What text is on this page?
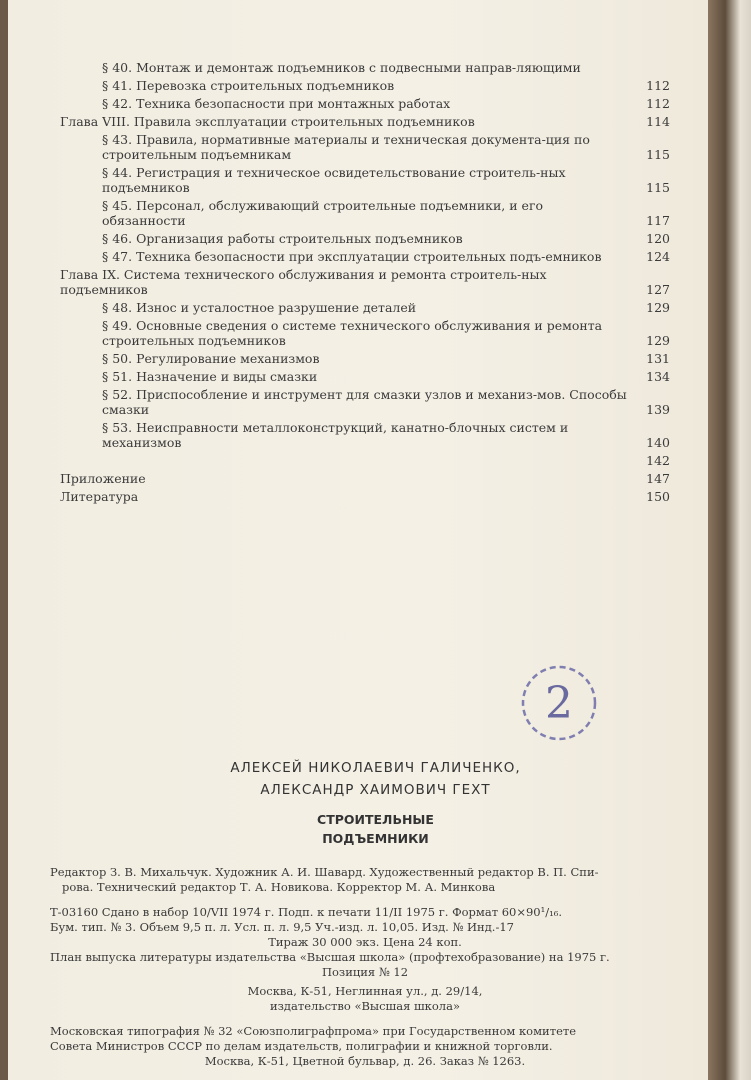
§ 40. Монтаж и демонтаж подъемников с подвесными направ-ляющими
§ 41. Перевозка строительных подъемников	112
§ 42. Техника безопасности при монтажных работах	112
Глава VIII. Правила эксплуатации строительных подъемников	114
§ 43. Правила, нормативные материалы и техническая документа-ция по строительным подъемникам	115
§ 44. Регистрация и техническое освидетельствование строитель-ных подъемников	115
§ 45. Персонал, обслуживающий строительные подъемники, и его обязанности	117
§ 46. Организация работы строительных подъемников	120
§ 47. Техника безопасности при эксплуатации строительных подъ-емников	124
Глава IX. Система технического обслуживания и ремонта строитель-ных подъемников	127
§ 48. Износ и усталостное разрушение деталей	129
§ 49. Основные сведения о системе технического обслуживания и ремонта строительных подъемников	129
§ 50. Регулирование механизмов	131
§ 51. Назначение и виды смазки	134
§ 52. Приспособление и инструмент для смазки узлов и механиз-мов. Способы смазки	139
§ 53. Неисправности металлоконструкций, канатно-блочных систем и механизмов	140
142
Приложение	147
Литература	150
2
АЛЕКСЕЙ НИКОЛАЕВИЧ ГАЛИЧЕНКО,
АЛЕКСАНДР ХАИМОВИЧ ГЕХТ
СТРОИТЕЛЬНЫЕ
ПОДЪЕМНИКИ
Редактор З. В. Михальчук. Художник А. И. Шавард. Художественный редактор В. П. Спи-
рова. Технический редактор Т. А. Новикова. Корректор М. А. Минкова
Т-03160 Сдано в набор 10/VII 1974 г. Подп. к печати 11/II 1975 г. Формат 60×90¹/₁₆.
Бум. тип. № 3. Объем 9,5 п. л. Усл. п. л. 9,5 Уч.-изд. л. 10,05. Изд. № Инд.-17
Тираж 30 000 экз. Цена 24 коп.
План выпуска литературы издательства «Высшая школа» (профтехобразование) на 1975 г.
Позиция № 12
Москва, К-51, Неглинная ул., д. 29/14,
издательство «Высшая школа»
Московская типография № 32 «Союзполиграфпрома» при Государственном комитете
Совета Министров СССР по делам издательств, полиграфии и книжной торговли.
Москва, К-51, Цветной бульвар, д. 26. Заказ № 1263.
